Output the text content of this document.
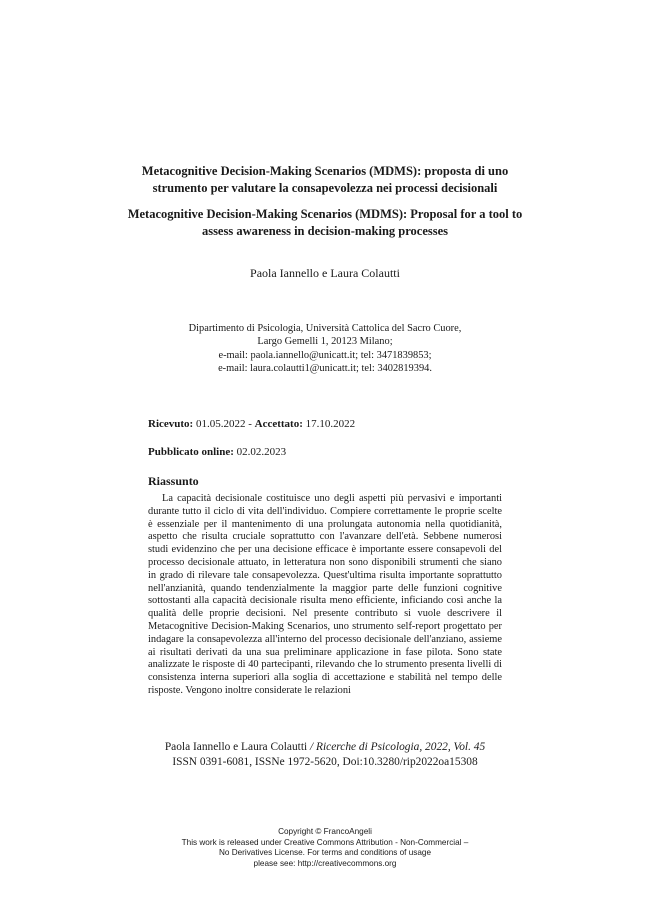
Metacognitive Decision-Making Scenarios (MDMS): proposta di uno strumento per valutare la consapevolezza nei processi decisionali
Metacognitive Decision-Making Scenarios (MDMS): Proposal for a tool to assess awareness in decision-making processes
Paola Iannello e Laura Colautti
Dipartimento di Psicologia, Università Cattolica del Sacro Cuore,
Largo Gemelli 1, 20123 Milano;
e-mail: paola.iannello@unicatt.it; tel: 3471839853;
e-mail: laura.colautti1@unicatt.it; tel: 3402819394.
Ricevuto: 01.05.2022 - Accettato: 17.10.2022
Pubblicato online: 02.02.2023
Riassunto

La capacità decisionale costituisce uno degli aspetti più pervasivi e importanti durante tutto il ciclo di vita dell'individuo. Compiere correttamente le proprie scelte è essenziale per il mantenimento di una prolungata autonomia nella quotidianità, aspetto che risulta cruciale soprattutto con l'avanzare dell'età. Sebbene numerosi studi evidenzino che per una decisione efficace è importante essere consapevoli del processo decisionale attuato, in letteratura non sono disponibili strumenti che siano in grado di rilevare tale consapevolezza. Quest'ultima risulta importante soprattutto nell'anzianità, quando tendenzialmente la maggior parte delle funzioni cognitive sottostanti alla capacità decisionale risulta meno efficiente, inficiando così anche la qualità delle proprie decisioni. Nel presente contributo si vuole descrivere il Metacognitive Decision-Making Scenarios, uno strumento self-report progettato per indagare la consapevolezza all'interno del processo decisionale dell'anziano, assieme ai risultati derivati da una sua preliminare applicazione in fase pilota. Sono state analizzate le risposte di 40 partecipanti, rilevando che lo strumento presenta livelli di consistenza interna superiori alla soglia di accettazione e stabilità nel tempo delle risposte. Vengono inoltre considerate le relazioni

Paola Iannello e Laura Colautti / Ricerche di Psicologia, 2022, Vol. 45
ISSN 0391-6081, ISSNe 1972-5620, Doi:10.3280/rip2022oa15308
Copyright © FrancoAngeli
This work is released under Creative Commons Attribution - Non-Commercial –
No Derivatives License. For terms and conditions of usage
please see: http://creativecommons.org
